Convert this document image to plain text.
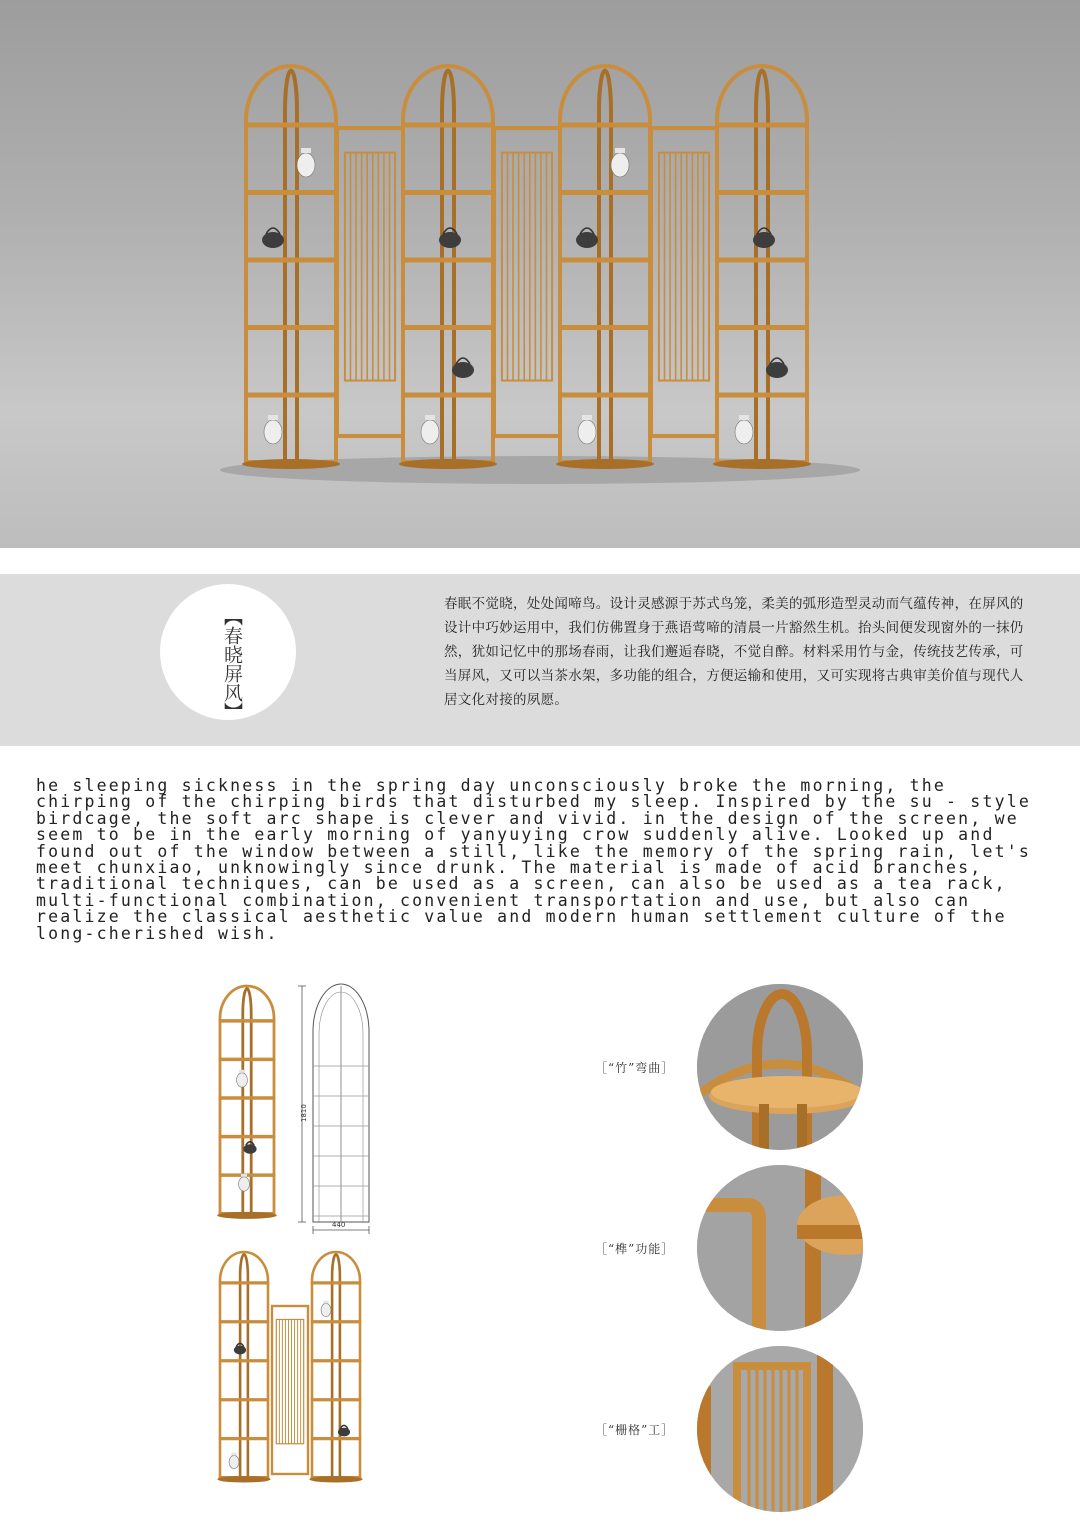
【春晓屏风】

春眠不觉晓，处处闻啼鸟。设计灵感源于苏式鸟笼，柔美的弧形造型灵动而气蕴传神，在屏风的设计中巧妙运用中，我们仿佛置身于燕语莺啼的清晨一片豁然生机。抬头间便发现窗外的一抹仍然，犹如记忆中的那场春雨，让我们邂逅春晓，不觉自醉。材料采用竹与金，传统技艺传承，可当屏风，又可以当茶水架，多功能的组合，方便运输和使用，又可实现将古典审美价值与现代人居文化对接的夙愿。

he sleeping sickness in the spring day unconsciously broke the morning, the chirping of the chirping birds that disturbed my sleep. Inspired by the su - style birdcage, the soft arc shape is clever and vivid. in the design of the screen, we seem to be in the early morning of yanyuying crow suddenly alive. Looked up and found out of the window between a still, like the memory of the spring rain, let's meet chunxiao, unknowingly since drunk. The material is made of acid branches, traditional techniques, can be used as a screen, can also be used as a tea rack, multi-functional combination, convenient transportation and use, but also can realize the classical aesthetic value and modern human settlement culture of the long-cherished wish.

1810
440
［“竹”弯曲］
［“榫”功能］
［“栅格”工］
